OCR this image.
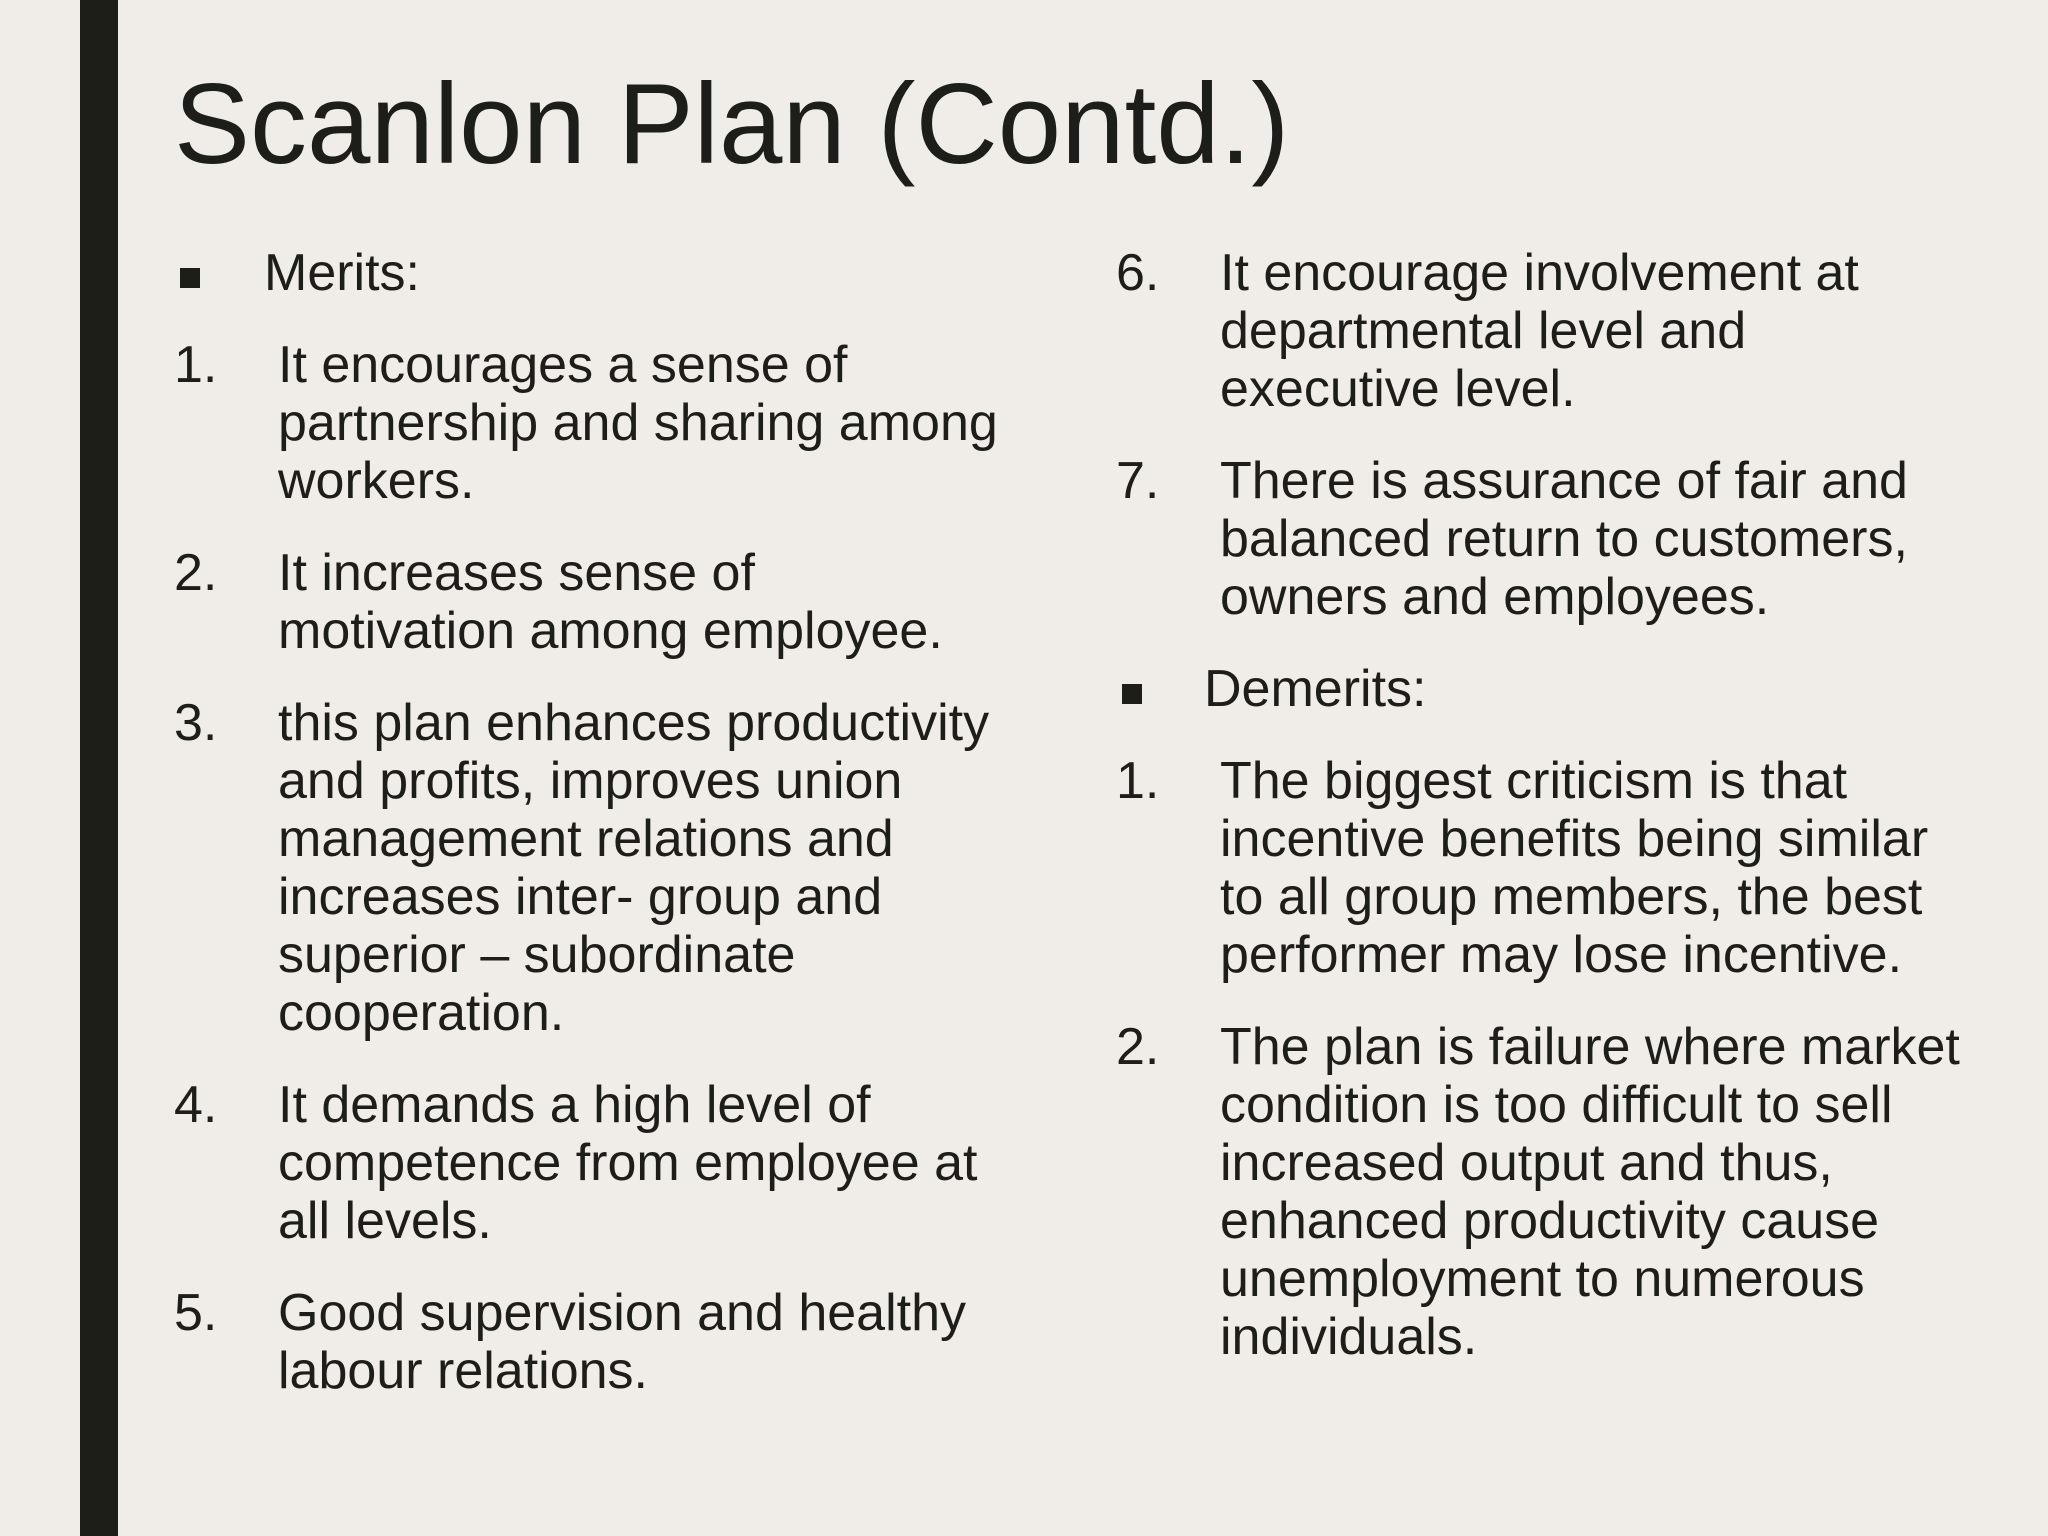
Scanlon Plan (Contd.)
Merits:
1. It encourages a sense of
partnership and sharing among
workers.
2. It increases sense of
motivation among employee.
3. this plan enhances productivity
and profits, improves union
management relations and
increases inter- group and
superior – subordinate
cooperation.
4. It demands a high level of
competence from employee at
all levels.
5. Good supervision and healthy
labour relations.
6. It encourage involvement at
departmental level and
executive level.
7. There is assurance of fair and
balanced return to customers,
owners and employees.
Demerits:
1. The biggest criticism is that
incentive benefits being similar
to all group members, the best
performer may lose incentive.
2. The plan is failure where market
condition is too difficult to sell
increased output and thus,
enhanced productivity cause
unemployment to numerous
individuals.
